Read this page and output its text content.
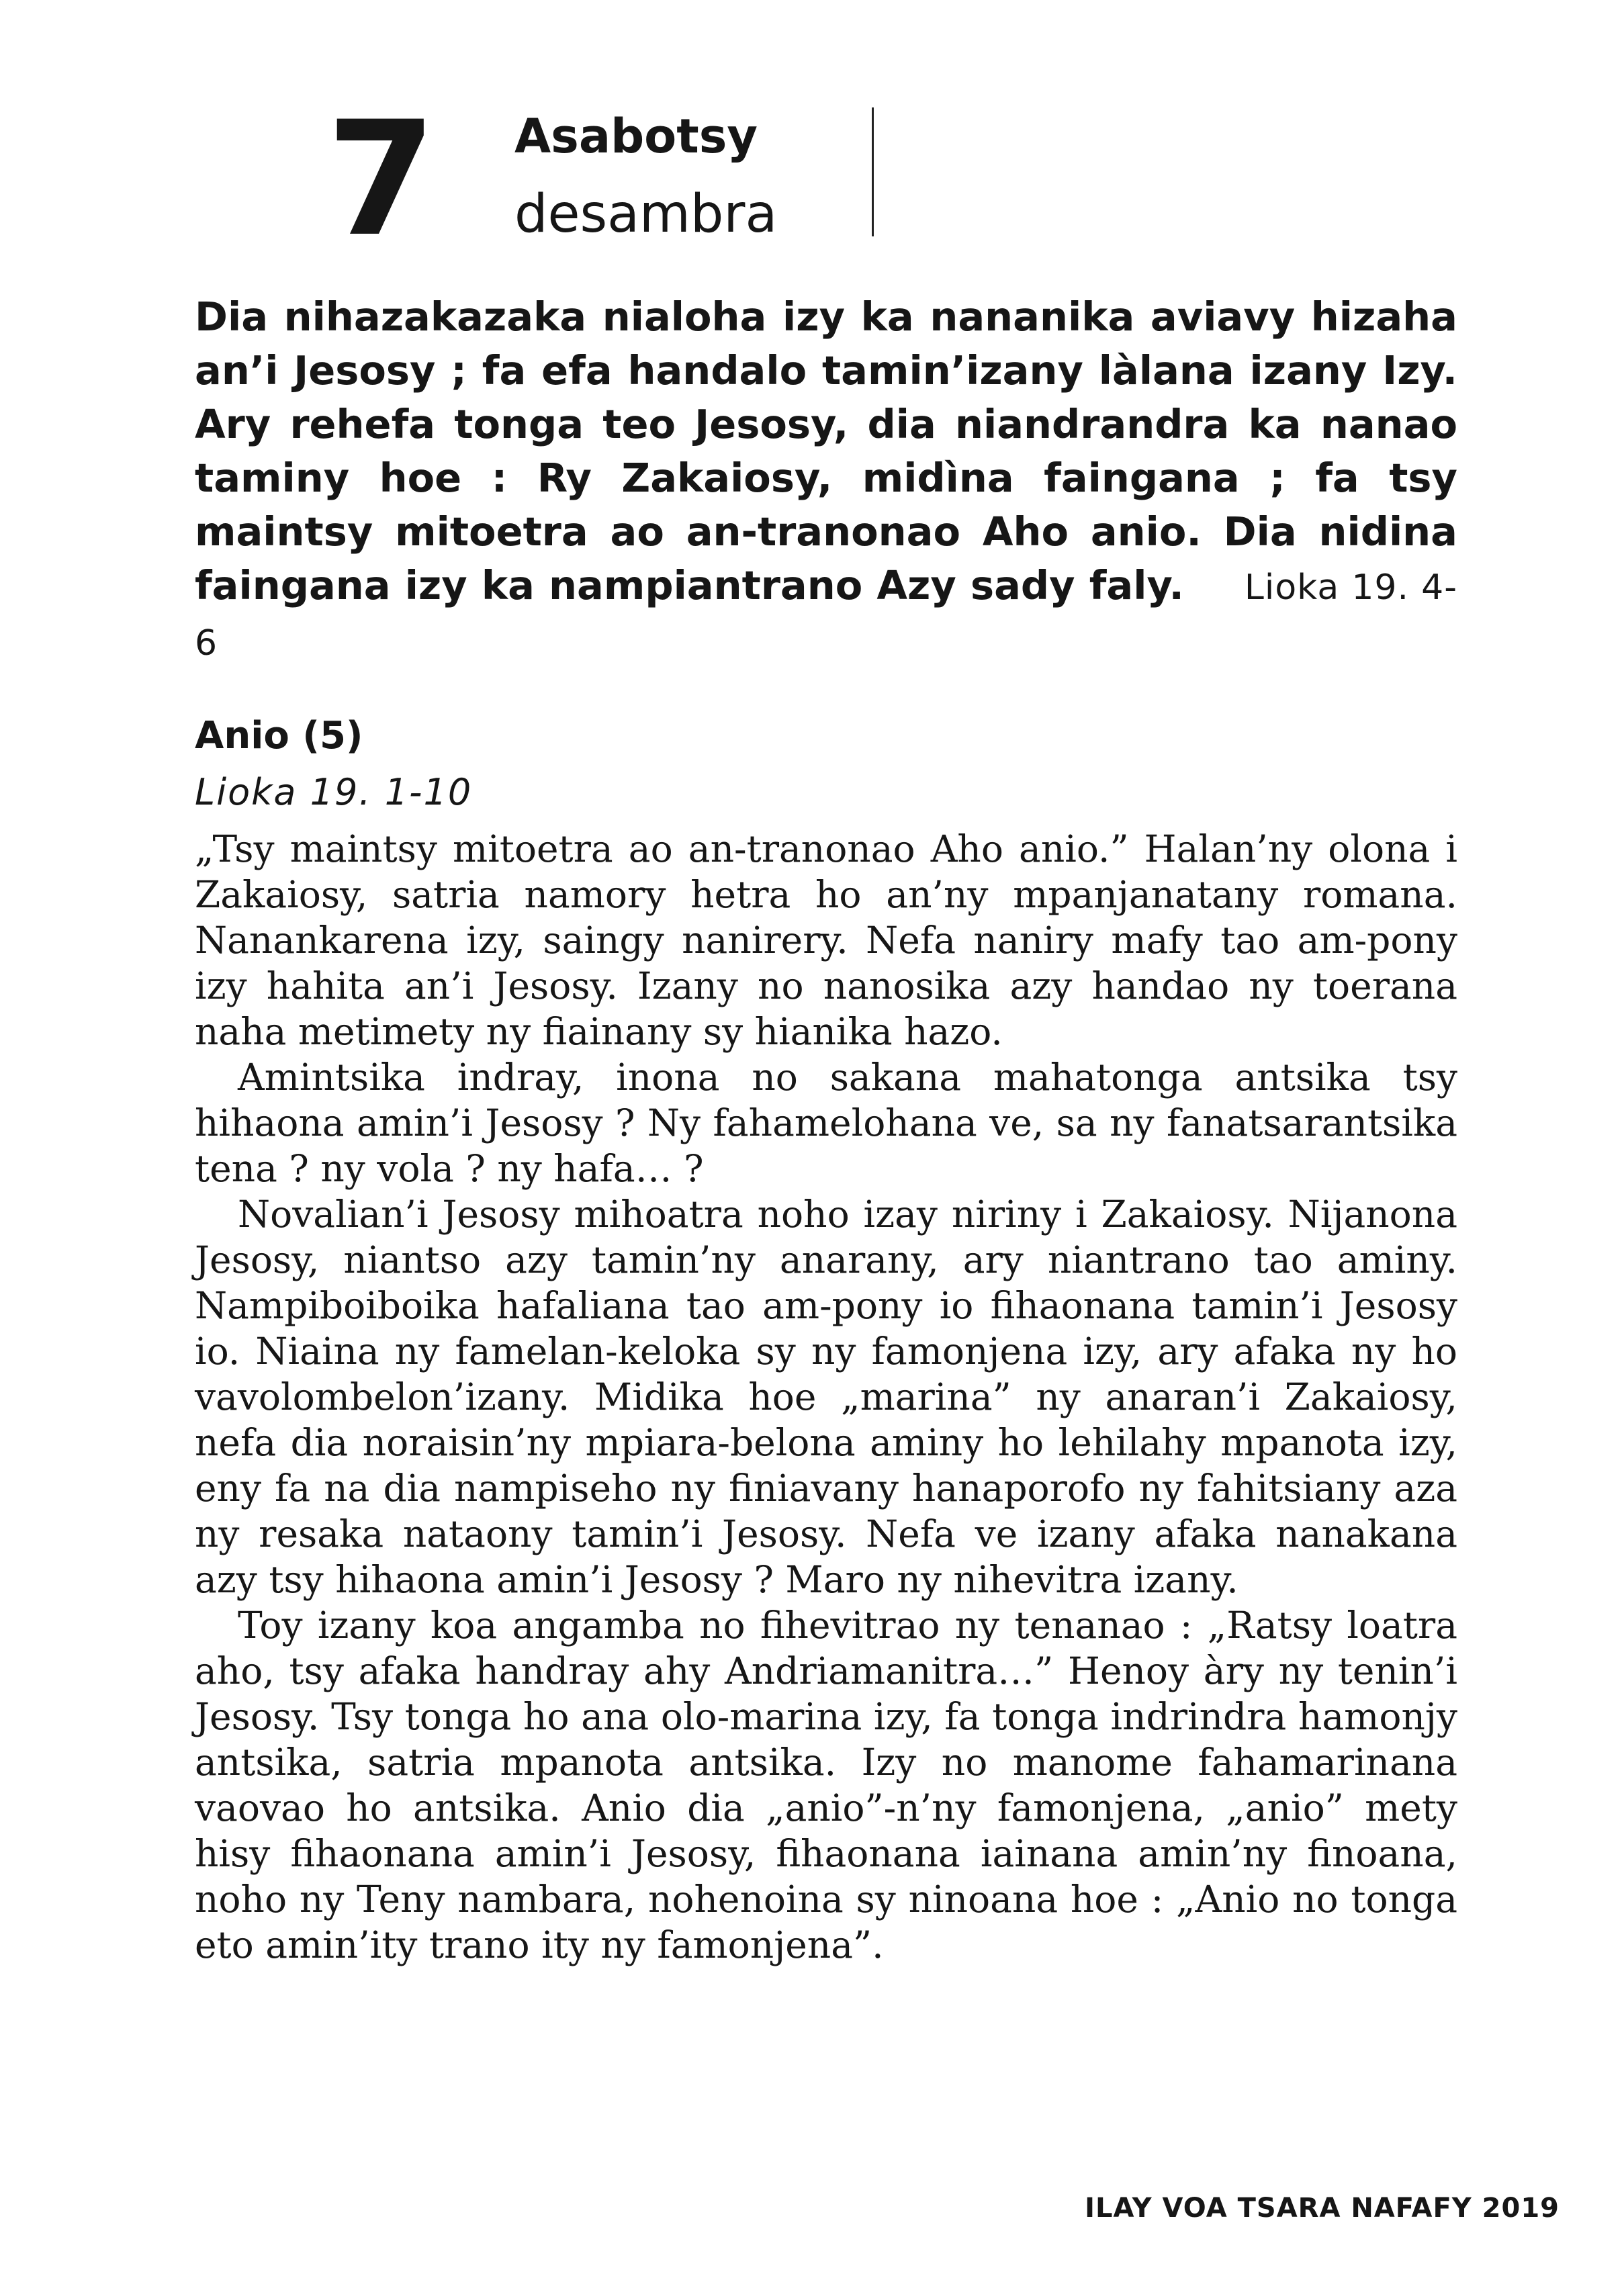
7 Asabotsy
desambra

Dia nihazakazaka nialoha izy ka nananika aviavy hizaha an’i Jesosy ; fa efa handalo tamin’izany làlana izany Izy. Ary rehefa tonga teo Jesosy, dia niandrandra ka nanao taminy hoe : Ry Zakaiosy, midìna faingana ; fa tsy maintsy mitoetra ao an-tranonao Aho anio. Dia nidina faingana izy ka nampiantrano Azy sady faly. Lioka 19. 4-6

Anio (5)
Lioka 19. 1-10

„Tsy maintsy mitoetra ao an-tranonao Aho anio.” Halan’ny olona i Zakaiosy, satria namory hetra ho an’ny mpanjanatany romana. Nanankarena izy, saingy nanirery. Nefa naniry mafy tao am-pony izy hahita an’i Jesosy. Izany no nanosika azy handao ny toerana naha metimety ny fiainany sy hianika hazo.

Amintsika indray, inona no sakana mahatonga antsika tsy hihaona amin’i Jesosy ? Ny fahamelohana ve, sa ny fanatsarantsika tena ? ny vola ? ny hafa… ?

Novalian’i Jesosy mihoatra noho izay niriny i Zakaiosy. Nijanona Jesosy, niantso azy tamin’ny anarany, ary niantrano tao aminy. Nampiboiboika hafaliana tao am-pony io fihaonana tamin’i Jesosy io. Niaina ny famelan-keloka sy ny famonjena izy, ary afaka ny ho vavolombelon’izany. Midika hoe „marina” ny anaran’i Zakaiosy, nefa dia noraisin’ny mpiara-belona aminy ho lehilahy mpanota izy, eny fa na dia nampiseho ny finiavany hanaporofo ny fahitsiany aza ny resaka nataony tamin’i Jesosy. Nefa ve izany afaka nanakana azy tsy hihaona amin’i Jesosy ? Maro ny nihevitra izany.

Toy izany koa angamba no fihevitrao ny tenanao : „Ratsy loatra aho, tsy afaka handray ahy Andriamanitra…” Henoy àry ny tenin’i Jesosy. Tsy tonga ho ana olo-marina izy, fa tonga indrindra hamonjy antsika, satria mpanota antsika. Izy no manome fahamarinana vaovao ho antsika. Anio dia „anio”-n’ny famonjena, „anio” mety hisy fihaonana amin’i Jesosy, fihaonana iainana amin’ny finoana, noho ny Teny nambara, nohenoina sy ninoana hoe : „Anio no tonga eto amin’ity trano ity ny famonjena”.

ILAY VOA TSARA NAFAFY 2019
